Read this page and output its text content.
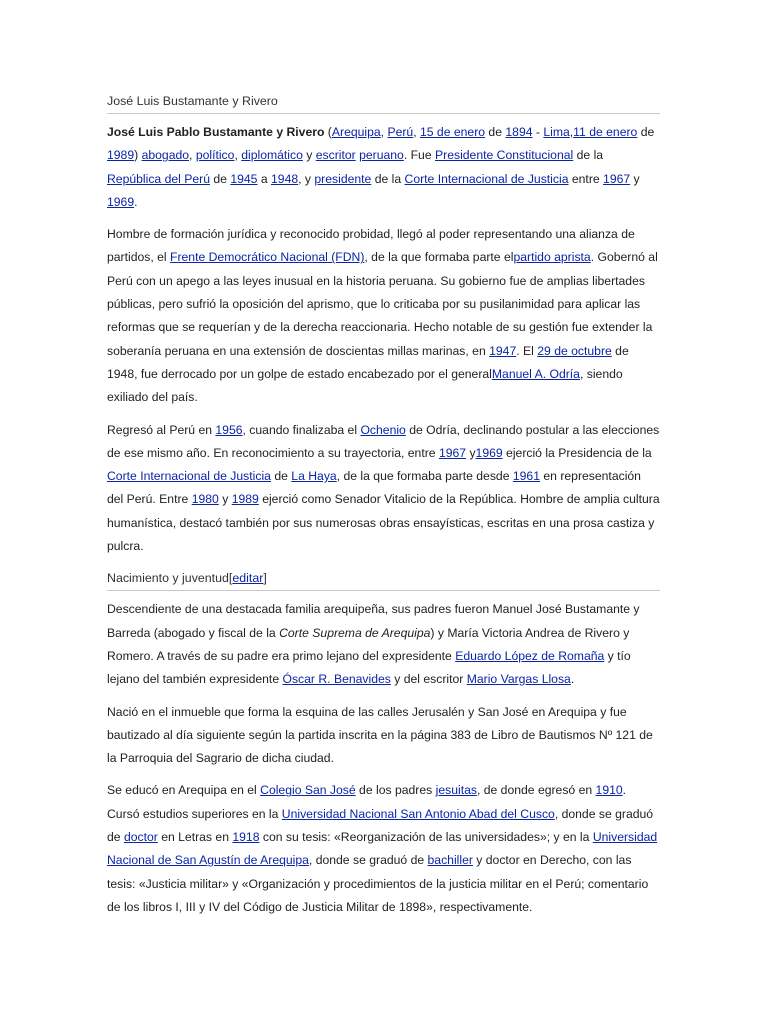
José Luis Bustamante y Rivero

José Luis Pablo Bustamante y Rivero (Arequipa, Perú, 15 de enero de 1894 - Lima,11 de enero de 1989) abogado, político, diplomático y escritor peruano. Fue Presidente Constitucional de la República del Perú de 1945 a 1948, y presidente de la Corte Internacional de Justicia entre 1967 y 1969.

Hombre de formación jurídica y reconocido probidad, llegó al poder representando una alianza de partidos, el Frente Democrático Nacional (FDN), de la que formaba parte elpartido aprista. Gobernó al Perú con un apego a las leyes inusual en la historia peruana. Su gobierno fue de amplias libertades públicas, pero sufrió la oposición del aprismo, que lo criticaba por su pusilanimidad para aplicar las reformas que se requerían y de la derecha reaccionaria. Hecho notable de su gestión fue extender la soberanía peruana en una extensión de doscientas millas marinas, en 1947. El 29 de octubre de 1948, fue derrocado por un golpe de estado encabezado por el generalManuel A. Odría, siendo exiliado del país.

Regresó al Perú en 1956, cuando finalizaba el Ochenio de Odría, declinando postular a las elecciones de ese mismo año. En reconocimiento a su trayectoria, entre 1967 y1969 ejerció la Presidencia de la Corte Internacional de Justicia de La Haya, de la que formaba parte desde 1961 en representación del Perú. Entre 1980 y 1989 ejerció como Senador Vitalicio de la República. Hombre de amplia cultura humanística, destacó también por sus numerosas obras ensayísticas, escritas en una prosa castiza y pulcra.

Nacimiento y juventud[editar]

Descendiente de una destacada familia arequipeña, sus padres fueron Manuel José Bustamante y Barreda (abogado y fiscal de la Corte Suprema de Arequipa) y María Victoria Andrea de Rivero y Romero. A través de su padre era primo lejano del expresidente Eduardo López de Romaña y tío lejano del también expresidente Óscar R. Benavides y del escritor Mario Vargas Llosa.

Nació en el inmueble que forma la esquina de las calles Jerusalén y San José en Arequipa y fue bautizado al día siguiente según la partida inscrita en la página 383 de Libro de Bautismos Nº 121 de la Parroquia del Sagrario de dicha ciudad.

Se educó en Arequipa en el Colegio San José de los padres jesuitas, de donde egresó en 1910. Cursó estudios superiores en la Universidad Nacional San Antonio Abad del Cusco, donde se graduó de doctor en Letras en 1918 con su tesis: «Reorganización de las universidades»; y en la Universidad Nacional de San Agustín de Arequipa, donde se graduó de bachiller y doctor en Derecho, con las tesis: «Justicia militar» y «Organización y procedimientos de la justicia militar en el Perú; comentario de los libros I, III y IV del Código de Justicia Militar de 1898», respectivamente.
